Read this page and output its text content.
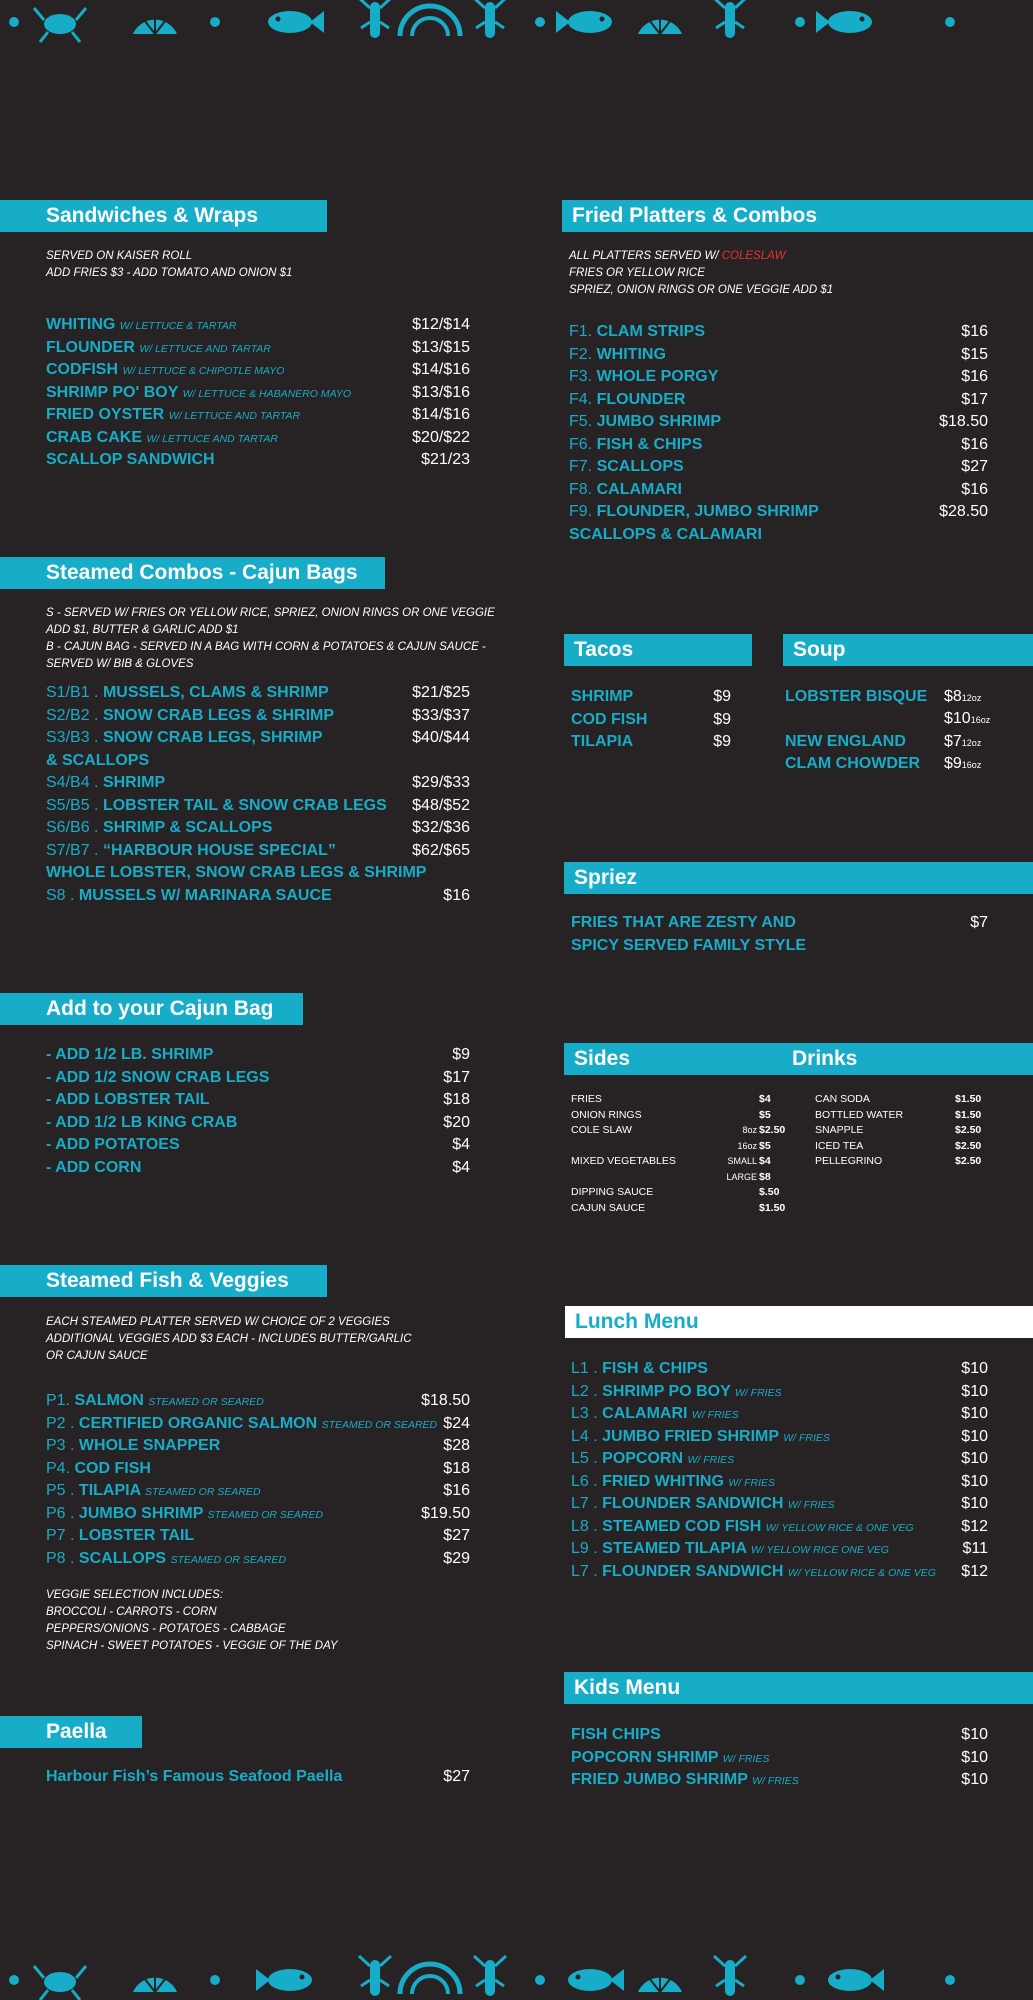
Sandwiches & Wraps
SERVED ON KAISER ROLL
ADD FRIES $3 - ADD TOMATO AND ONION $1
WHITING W/ LETTUCE & TARTAR	$12/$14
FLOUNDER W/ LETTUCE AND TARTAR	$13/$15
CODFISH W/ LETTUCE & CHIPOTLE MAYO	$14/$16
SHRIMP PO' BOY W/ LETTUCE & HABANERO MAYO	$13/$16
FRIED OYSTER W/ LETTUCE AND TARTAR	$14/$16
CRAB CAKE W/ LETTUCE AND TARTAR	$20/$22
SCALLOP SANDWICH	$21/23
Steamed Combos - Cajun Bags
S - SERVED W/ FRIES OR YELLOW RICE, SPRIEZ, ONION RINGS OR ONE VEGGIE
ADD $1, BUTTER & GARLIC ADD $1
B - CAJUN BAG - SERVED IN A BAG WITH CORN & POTATOES & CAJUN SAUCE -
SERVED W/ BIB & GLOVES
S1/B1 . MUSSELS, CLAMS & SHRIMP	$21/$25
S2/B2 . SNOW CRAB LEGS & SHRIMP	$33/$37
S3/B3 . SNOW CRAB LEGS, SHRIMP	$40/$44
& SCALLOPS
S4/B4 . SHRIMP	$29/$33
S5/B5 . LOBSTER TAIL & SNOW CRAB LEGS $48/$52
S6/B6 . SHRIMP & SCALLOPS	$32/$36
S7/B7 . “HARBOUR HOUSE SPECIAL”	$62/$65
WHOLE LOBSTER, SNOW CRAB LEGS & SHRIMP
S8 . MUSSELS W/ MARINARA SAUCE	$16
Add to your Cajun Bag
- ADD 1/2 LB. SHRIMP	$9
- ADD 1/2 SNOW CRAB LEGS	$17
- ADD LOBSTER TAIL	$18
- ADD 1/2 LB KING CRAB	$20
- ADD POTATOES	$4
- ADD CORN	$4
Steamed Fish & Veggies
EACH STEAMED PLATTER SERVED W/ CHOICE OF 2 VEGGIES
ADDITIONAL VEGGIES ADD $3 EACH - INCLUDES BUTTER/GARLIC
OR CAJUN SAUCE
P1. SALMON STEAMED OR SEARED	$18.50
P2 . CERTIFIED ORGANIC SALMON STEAMED OR SEARED $24
P3 . WHOLE SNAPPER	$28
P4. COD FISH	$18
P5 . TILAPIA STEAMED OR SEARED	$16
P6 . JUMBO SHRIMP STEAMED OR SEARED	$19.50
P7 . LOBSTER TAIL	$27
P8 . SCALLOPS STEAMED OR SEARED	$29
VEGGIE SELECTION INCLUDES:
BROCCOLI - CARROTS - CORN
PEPPERS/ONIONS - POTATOES - CABBAGE
SPINACH - SWEET POTATOES - VEGGIE OF THE DAY
Paella
Harbour Fish’s Famous Seafood Paella	$27
Fried Platters & Combos
ALL PLATTERS SERVED W/ COLESLAW
FRIES OR YELLOW RICE
SPRIEZ, ONION RINGS OR ONE VEGGIE ADD $1
F1. CLAM STRIPS	$16
F2. WHITING	$15
F3. WHOLE PORGY	$16
F4. FLOUNDER	$17
F5. JUMBO SHRIMP	$18.50
F6. FISH & CHIPS	$16
F7. SCALLOPS	$27
F8. CALAMARI	$16
F9. FLOUNDER, JUMBO SHRIMP	$28.50
SCALLOPS & CALAMARI
Tacos
SHRIMP	$9
COD FISH	$9
TILAPIA	$9
Soup
LOBSTER BISQUE $812oz
$1016oz
NEW ENGLAND $712oz
CLAM CHOWDER $916oz
Spriez
FRIES THAT ARE ZESTY AND	$7
SPICY SERVED FAMILY STYLE
Sides	Drinks
FRIES	$4
ONION RINGS	$5
COLE SLAW	8oz $2.50
16oz $5
MIXED VEGETABLES	SMALL $4
LARGE $8
DIPPING SAUCE	$.50
CAJUN SAUCE	$1.50
CAN SODA	$1.50
BOTTLED WATER	$1.50
SNAPPLE	$2.50
ICED TEA	$2.50
PELLEGRINO	$2.50
Lunch Menu
L1 . FISH & CHIPS	$10
L2 . SHRIMP PO BOY W/ FRIES	$10
L3 . CALAMARI W/ FRIES	$10
L4 . JUMBO FRIED SHRIMP W/ FRIES	$10
L5 . POPCORN W/ FRIES	$10
L6 . FRIED WHITING W/ FRIES	$10
L7 . FLOUNDER SANDWICH W/ FRIES	$10
L8 . STEAMED COD FISH W/ YELLOW RICE & ONE VEG	$12
L9 . STEAMED TILAPIA W/ YELLOW RICE ONE VEG	$11
L7 . FLOUNDER SANDWICH W/ YELLOW RICE & ONE VEG $12
Kids Menu
FISH CHIPS	$10
POPCORN SHRIMP W/ FRIES	$10
FRIED JUMBO SHRIMP W/ FRIES	$10
